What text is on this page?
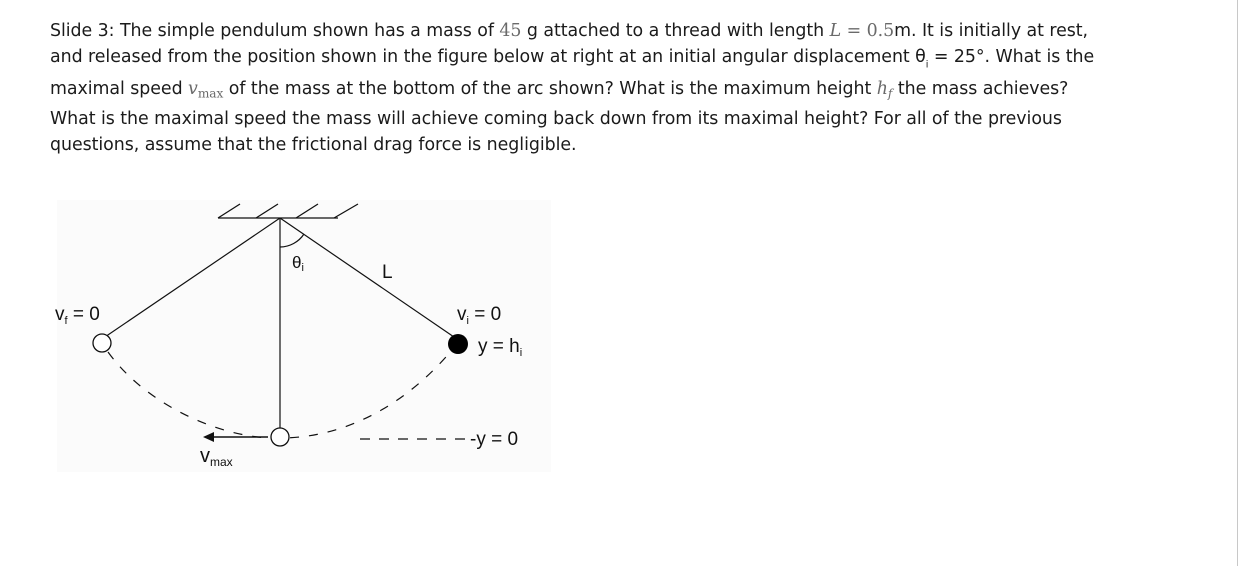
Slide 3: The simple pendulum shown has a mass of 45 g attached to a thread with length L = 0.5m. It is initially at rest,
and released from the position shown in the figure below at right at an initial angular displacement $\theta_i = 25^\circ$. What is the
maximal speed $v_{max}$ of the mass at the bottom of the arc shown? What is the maximum height $h_f$ the mass achieves?
What is the maximal speed the mass will achieve coming back down from its maximal height? For all of the previous
questions, assume that the frictional drag force is negligible.
θi	L
$v_f = 0$	$v_i = 0$
$y = h_i$
-y = 0
$v_{max}$
